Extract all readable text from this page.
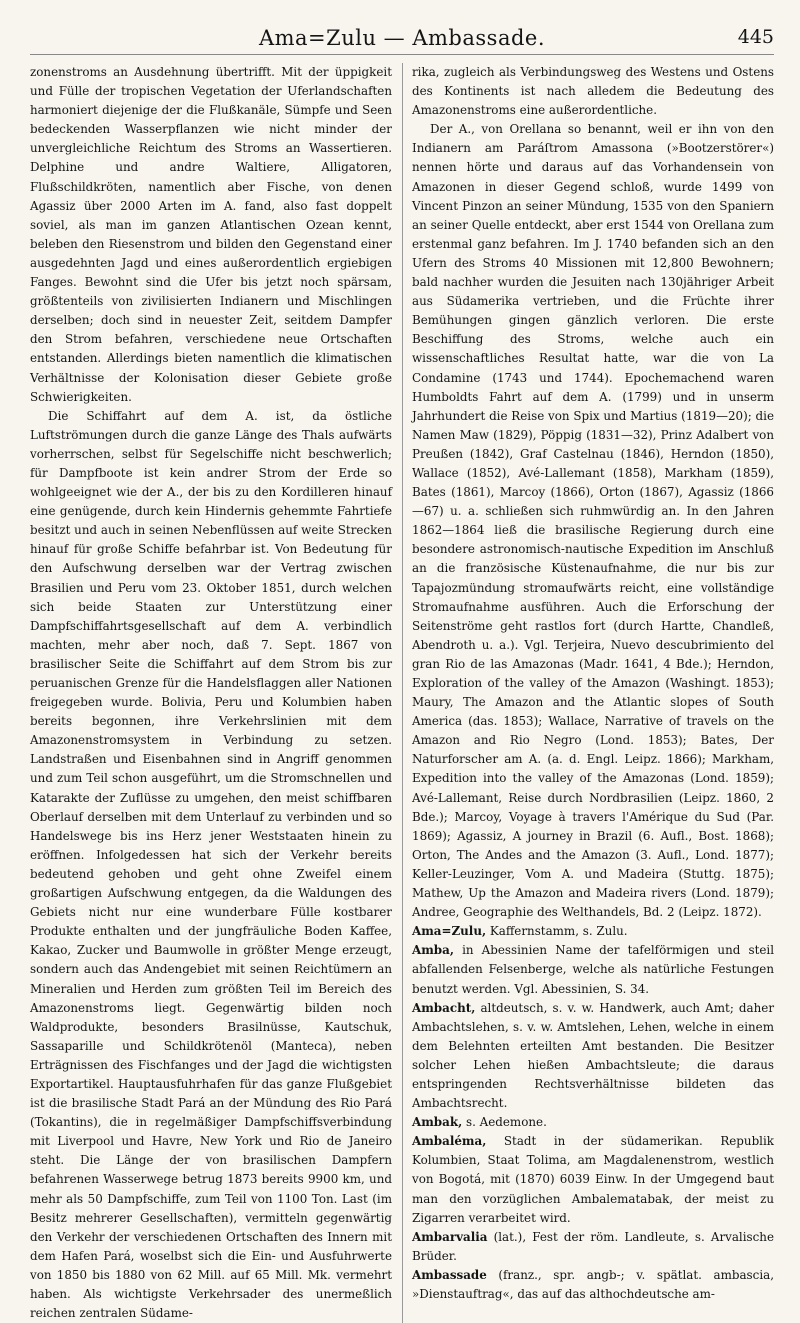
Ama=Zulu — Ambassade.	445

zonenstroms an Ausdehnung übertrifft. Mit der üppigkeit und Fülle der tropischen Vegetation der Uferlandschaften harmoniert diejenige der die Flußkanäle, Sümpfe und Seen bedeckenden Wasserpflanzen wie nicht minder der unvergleichliche Reichtum des Stroms an Wassertieren. Delphine und andre Waltiere, Alligatoren, Flußschildkröten, namentlich aber Fische, von denen Agassiz über 2000 Arten im A. fand, also fast doppelt soviel, als man im ganzen Atlantischen Ozean kennt, beleben den Riesenstrom und bilden den Gegenstand einer ausgedehnten Jagd und eines außerordentlich ergiebigen Fanges. Bewohnt sind die Ufer bis jetzt noch spärsam, größtenteils von zivilisierten Indianern und Mischlingen derselben; doch sind in neuester Zeit, seitdem Dampfer den Strom befahren, verschiedene neue Ortschaften entstanden. Allerdings bieten namentlich die klimatischen Verhältnisse der Kolonisation dieser Gebiete große Schwierigkeiten.

Die Schiffahrt auf dem A. ist, da östliche Luftströmungen durch die ganze Länge des Thals aufwärts vorherrschen, selbst für Segelschiffe nicht beschwerlich; für Dampfboote ist kein andrer Strom der Erde so wohlgeeignet wie der A., der bis zu den Kordilleren hinauf eine genügende, durch kein Hindernis gehemmte Fahrtiefe besitzt und auch in seinen Nebenflüssen auf weite Strecken hinauf für große Schiffe befahrbar ist. Von Bedeutung für den Aufschwung derselben war der Vertrag zwischen Brasilien und Peru vom 23. Oktober 1851, durch welchen sich beide Staaten zur Unterstützung einer Dampfschiffahrtsgesellschaft auf dem A. verbindlich machten, mehr aber noch, daß 7. Sept. 1867 von brasilischer Seite die Schiffahrt auf dem Strom bis zur peruanischen Grenze für die Handelsflaggen aller Nationen freigegeben wurde. Bolivia, Peru und Kolumbien haben bereits begonnen, ihre Verkehrslinien mit dem Amazonenstromsystem in Verbindung zu setzen. Landstraßen und Eisenbahnen sind in Angriff genommen und zum Teil schon ausgeführt, um die Stromschnellen und Katarakte der Zuflüsse zu umgehen, den meist schiffbaren Oberlauf derselben mit dem Unterlauf zu verbinden und so Handelswege bis ins Herz jener Weststaaten hinein zu eröffnen. Infolgedessen hat sich der Verkehr bereits bedeutend gehoben und geht ohne Zweifel einem großartigen Aufschwung entgegen, da die Waldungen des Gebiets nicht nur eine wunderbare Fülle kostbarer Produkte enthalten und der jungfräuliche Boden Kaffee, Kakao, Zucker und Baumwolle in größter Menge erzeugt, sondern auch das Andengebiet mit seinen Reichtümern an Mineralien und Herden zum größten Teil im Bereich des Amazonenstroms liegt. Gegenwärtig bilden noch Waldprodukte, besonders Brasilnüsse, Kautschuk, Sassaparille und Schildkrötenöl (Manteca), neben Erträgnissen des Fischfanges und der Jagd die wichtigsten Exportartikel. Hauptausfuhrhafen für das ganze Flußgebiet ist die brasilische Stadt Pará an der Mündung des Rio Pará (Tokantins), die in regelmäßiger Dampfschiffsverbindung mit Liverpool und Havre, New York und Rio de Janeiro steht. Die Länge der von brasilischen Dampfern befahrenen Wasserwege betrug 1873 bereits 9900 km, und mehr als 50 Dampfschiffe, zum Teil von 1100 Ton. Last (im Besitz mehrerer Gesellschaften), vermitteln gegenwärtig den Verkehr der verschiedenen Ortschaften des Innern mit dem Hafen Pará, woselbst sich die Ein- und Ausfuhrwerte von 1850 bis 1880 von 62 Mill. auf 65 Mill. Mk. vermehrt haben. Als wichtigste Verkehrsader des unermeßlich reichen zentralen Südame-

rika, zugleich als Verbindungsweg des Westens und Ostens des Kontinents ist nach alledem die Bedeutung des Amazonenstroms eine außerordentliche.

Der A., von Orellana so benannt, weil er ihn von den Indianern am Paráſtrom Amassona (»Bootzerstörer«) nennen hörte und daraus auf das Vorhandensein von Amazonen in dieser Gegend schloß, wurde 1499 von Vincent Pinzon an seiner Mündung, 1535 von den Spaniern an seiner Quelle entdeckt, aber erst 1544 von Orellana zum erstenmal ganz befahren. Im J. 1740 befanden sich an den Ufern des Stroms 40 Missionen mit 12,800 Bewohnern; bald nachher wurden die Jesuiten nach 130jähriger Arbeit aus Südamerika vertrieben, und die Früchte ihrer Bemühungen gingen gänzlich verloren. Die erste Beschiffung des Stroms, welche auch ein wissenschaftliches Resultat hatte, war die von La Condamine (1743 und 1744). Epochemachend waren Humboldts Fahrt auf dem A. (1799) und in unserm Jahrhundert die Reise von Spix und Martius (1819—20); die Namen Maw (1829), Pöppig (1831—32), Prinz Adalbert von Preußen (1842), Graf Castelnau (1846), Herndon (1850), Wallace (1852), Avé-Lallemant (1858), Markham (1859), Bates (1861), Marcoy (1866), Orton (1867), Agassiz (1866—67) u. a. schließen sich ruhmwürdig an. In den Jahren 1862—1864 ließ die brasilische Regierung durch eine besondere astronomisch-nautische Expedition im Anschluß an die französische Küstenaufnahme, die nur bis zur Tapajozmündung stromaufwärts reicht, eine vollständige Stromaufnahme ausführen. Auch die Erforschung der Seitenströme geht rastlos fort (durch Hartte, Chandleß, Abendroth u. a.). Vgl. Terjeira, Nuevo descubrimiento del gran Rio de las Amazonas (Madr. 1641, 4 Bde.); Herndon, Exploration of the valley of the Amazon (Washingt. 1853); Maury, The Amazon and the Atlantic slopes of South America (das. 1853); Wallace, Narrative of travels on the Amazon and Rio Negro (Lond. 1853); Bates, Der Naturforscher am A. (a. d. Engl. Leipz. 1866); Markham, Expedition into the valley of the Amazonas (Lond. 1859); Avé-Lallemant, Reise durch Nordbrasilien (Leipz. 1860, 2 Bde.); Marcoy, Voyage à travers l'Amérique du Sud (Par. 1869); Agassiz, A journey in Brazil (6. Aufl., Bost. 1868); Orton, The Andes and the Amazon (3. Aufl., Lond. 1877); Keller-Leuzinger, Vom A. und Madeira (Stuttg. 1875); Mathew, Up the Amazon and Madeira rivers (Lond. 1879); Andree, Geographie des Welthandels, Bd. 2 (Leipz. 1872).

Ama=Zulu, Kaffernstamm, s. Zulu.

Amba, in Abessinien Name der tafelförmigen und steil abfallenden Felsenberge, welche als natürliche Festungen benutzt werden. Vgl. Abessinien, S. 34.

Ambacht, altdeutsch, s. v. w. Handwerk, auch Amt; daher Ambachtslehen, s. v. w. Amtslehen, Lehen, welche in einem dem Belehnten erteilten Amt bestanden. Die Besitzer solcher Lehen hießen Ambachtsleute; die daraus entspringenden Rechtsverhältnisse bildeten das Ambachtsrecht.

Ambak, s. Aedemone.

Ambaléma, Stadt in der südamerikan. Republik Kolumbien, Staat Tolima, am Magdalenenstrom, westlich von Bogotá, mit (1870) 6039 Einw. In der Umgegend baut man den vorzüglichen Ambalematabak, der meist zu Zigarren verarbeitet wird.

Ambarvalia (lat.), Fest der röm. Landleute, s. Arvalische Brüder.

Ambassade (franz., spr. angb-; v. spätlat. ambascia, »Dienstauftrag«, das auf das althochdeutsche am-
